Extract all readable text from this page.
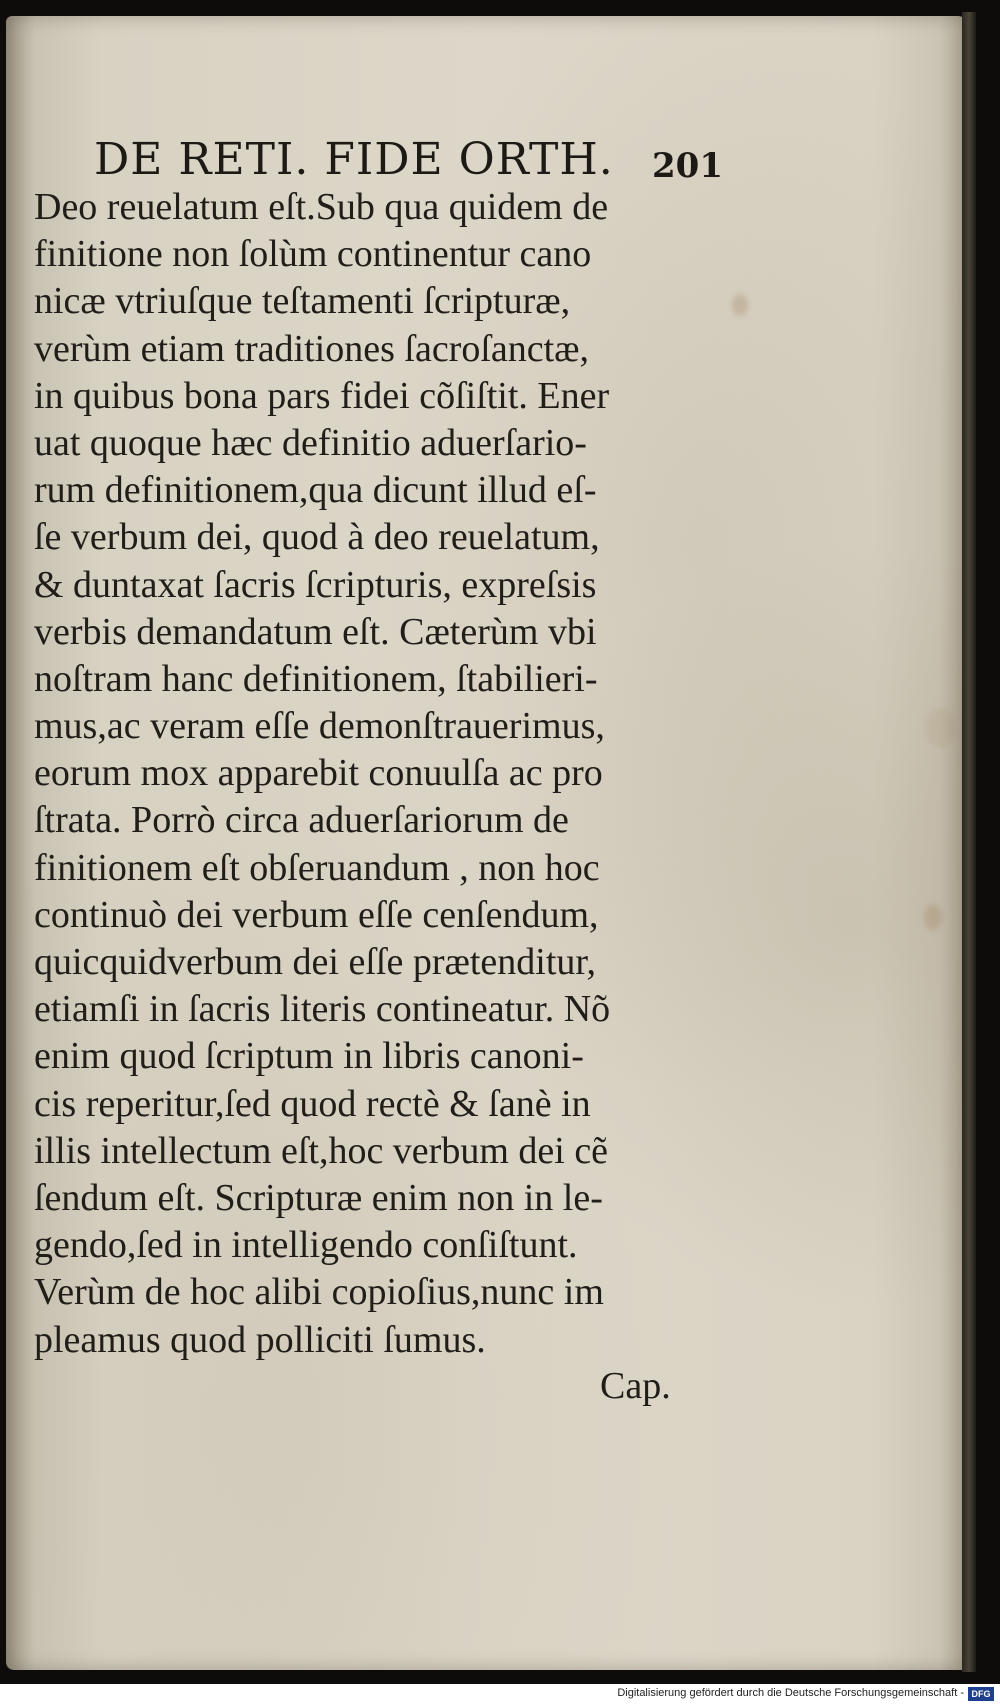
DE RETI. FIDE ORTH.	201
Deo reuelatum eſt.Sub qua quidem de
finitione non ſolùm continentur cano
nicæ vtriuſque teſtamenti ſcripturæ,
verùm etiam traditiones ſacroſanctæ,
in quibus bona pars fidei cõſiſtit. Ener
uat quoque hæc definitio aduerſario-
rum definitionem,qua dicunt illud eſ-
ſe verbum dei, quod à deo reuelatum,
& duntaxat ſacris ſcripturis, expreſsis
verbis demandatum eſt. Cæterùm vbi
noſtram hanc definitionem, ſtabilieri-
mus,ac veram eſſe demonſtrauerimus,
eorum mox apparebit conuulſa ac pro
ſtrata. Porrò circa aduerſariorum de
finitionem eſt obſeruandum , non hoc
continuò dei verbum eſſe cenſendum,
quicquidverbum dei eſſe prætenditur,
etiamſi in ſacris literis contineatur. Nõ
enim quod ſcriptum in libris canoni-
cis reperitur,ſed quod rectè & ſanè in
illis intellectum eſt,hoc verbum dei cẽ
ſendum eſt. Scripturæ enim non in le-
gendo,ſed in intelligendo conſiſtunt.
Verùm de hoc alibi copioſius,nunc im
pleamus quod polliciti ſumus.
Cap.
Digitalisierung gefördert durch die Deutsche Forschungsgemeinschaft - DFG
